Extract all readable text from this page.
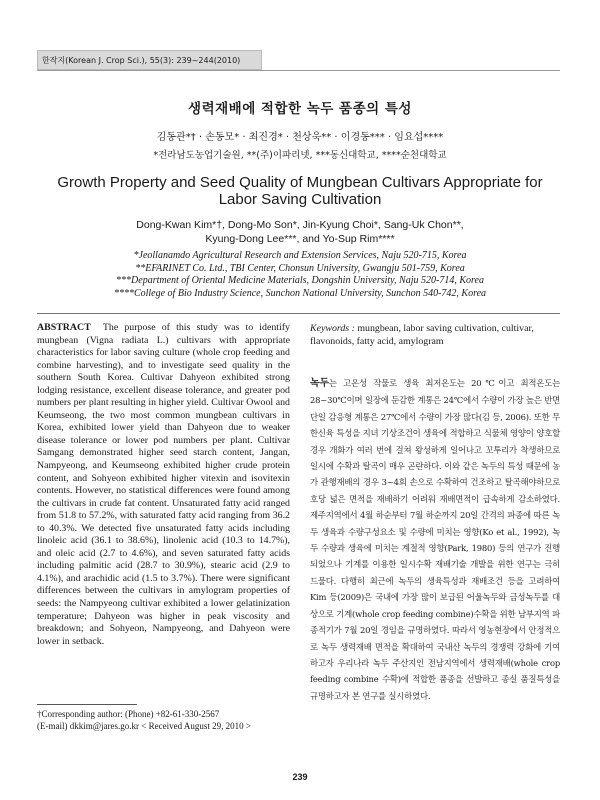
한작지(Korean J. Crop Sci.), 55(3): 239~244(2010)
생력재배에 적합한 녹두 품종의 특성
김동관*† · 손동모* · 최진경* · 천상욱** · 이경동*** · 임요섭****
*전라남도농업기술원, **(주)이파리넷, ***동신대학교, ****순천대학교
Growth Property and Seed Quality of Mungbean Cultivars Appropriate for
Labor Saving Cultivation
Dong-Kwan Kim*†, Dong-Mo Son*, Jin-Kyung Choi*, Sang-Uk Chon**,
Kyung-Dong Lee***, and Yo-Sup Rim****
*Jeollanamdo Agricultural Research and Extension Services, Naju 520-715, Korea
**EFARINET Co. Ltd., TBI Center, Chonsun University, Gwangju 501-759, Korea
***Department of Oriental Medicine Materials, Dongshin University, Naju 520-714, Korea
****College of Bio Industry Science, Sunchon National University, Sunchon 540-742, Korea
ABSTRACT The purpose of this study was to identify mungbean (Vigna radiata L.) cultivars with appropriate characteristics for labor saving culture (whole crop feeding and combine harvesting), and to investigate seed quality in the southern South Korea. Cultivar Dahyeon exhibited strong lodging resistance, excellent disease tolerance, and greater pod numbers per plant resulting in higher yield. Cultivar Owool and Keumseong, the two most common mungbean cultivars in Korea, exhibited lower yield than Dahyeon due to weaker disease tolerance or lower pod numbers per plant. Cultivar Samgang demonstrated higher seed starch content, Jangan, Nampyeong, and Keumseong exhibited higher crude protein content, and Sohyeon exhibited higher vitexin and isovitexin contents. However, no statistical differences were found among the cultivars in crude fat content. Unsaturated fatty acid ranged from 51.8 to 57.2%, with saturated fatty acid ranging from 36.2 to 40.3%. We detected five unsaturated fatty acids including linoleic acid (36.1 to 38.6%), linolenic acid (10.3 to 14.7%), and oleic acid (2.7 to 4.6%), and seven saturated fatty acids including palmitic acid (28.7 to 30.9%), stearic acid (2.9 to 4.1%), and arachidic acid (1.5 to 3.7%). There were significant differences between the cultivars in amylogram properties of seeds: the Nampyeong cultivar exhibited a lower gelatinization temperature; Dahyeon was higher in peak viscosity and breakdown; and Sohyeon, Nampyeong, and Dahyeon were lower in setback.
Keywords : mungbean, labor saving cultivation, cultivar, flavonoids, fatty acid, amylogram
녹두는 고온성 작물로 생육 최저온도는 20℃이고 최적온도는 28~30℃이며 일장에 둔감한 계통은 24℃에서 수량이 가장 높은 반면 단일 감응형 계통은 27℃에서 수량이 가장 많다(김 등, 2006). 또한 무한신육 특성을 지녀 기상조건이 생육에 적합하고 식물체 영양이 양호할 경우 개화가 여러 번에 걸쳐 왕성하게 일어나고 꼬투리가 착생하므로 일시에 수확과 탈곡이 매우 곤란하다. 이와 같은 녹두의 특성 때문에 농가 관행재배의 경우 3~4회 손으로 수확하여 건조하고 탈곡해야하므로 호당 넓은 면적을 재배하기 어려워 재배면적이 급속하게 감소하였다. 제주지역에서 4월 하순부터 7월 하순까지 20일 간격의 파종에 따른 녹두 생육과 수량구성요소 및 수량에 미치는 영향(Ko et al., 1992), 녹두 수량과 생육에 미치는 계절적 영향(Park, 1980) 등의 연구가 진행되었으나 기계를 이용한 일시수확 재배기술 개발을 위한 연구는 극히 드물다. 다행히 최근에 녹두의 생육특성과 재배조건 등을 고려하여 Kim 등(2009)은 국내에 가장 많이 보급된 어울녹두와 금성녹두를 대상으로 기계(whole crop feeding combine)수확을 위한 남부지역 파종적기가 7월 20일 경임을 규명하였다. 따라서 영농현장에서 안정적으로 녹두 생력재배 면적을 확대하여 국내산 녹두의 경쟁력 강화에 기여하고자 우리나라 녹두 주산지인 전남지역에서 생력재배(whole crop feeding combine 수확)에 적합한 품종을 선발하고 종실 품질특성을 규명하고자 본 연구를 실시하였다.
†Corresponding author: (Phone) +82-61-330-2567
(E-mail) dkkim@jares.go.kr < Received August 29, 2010 >
239
